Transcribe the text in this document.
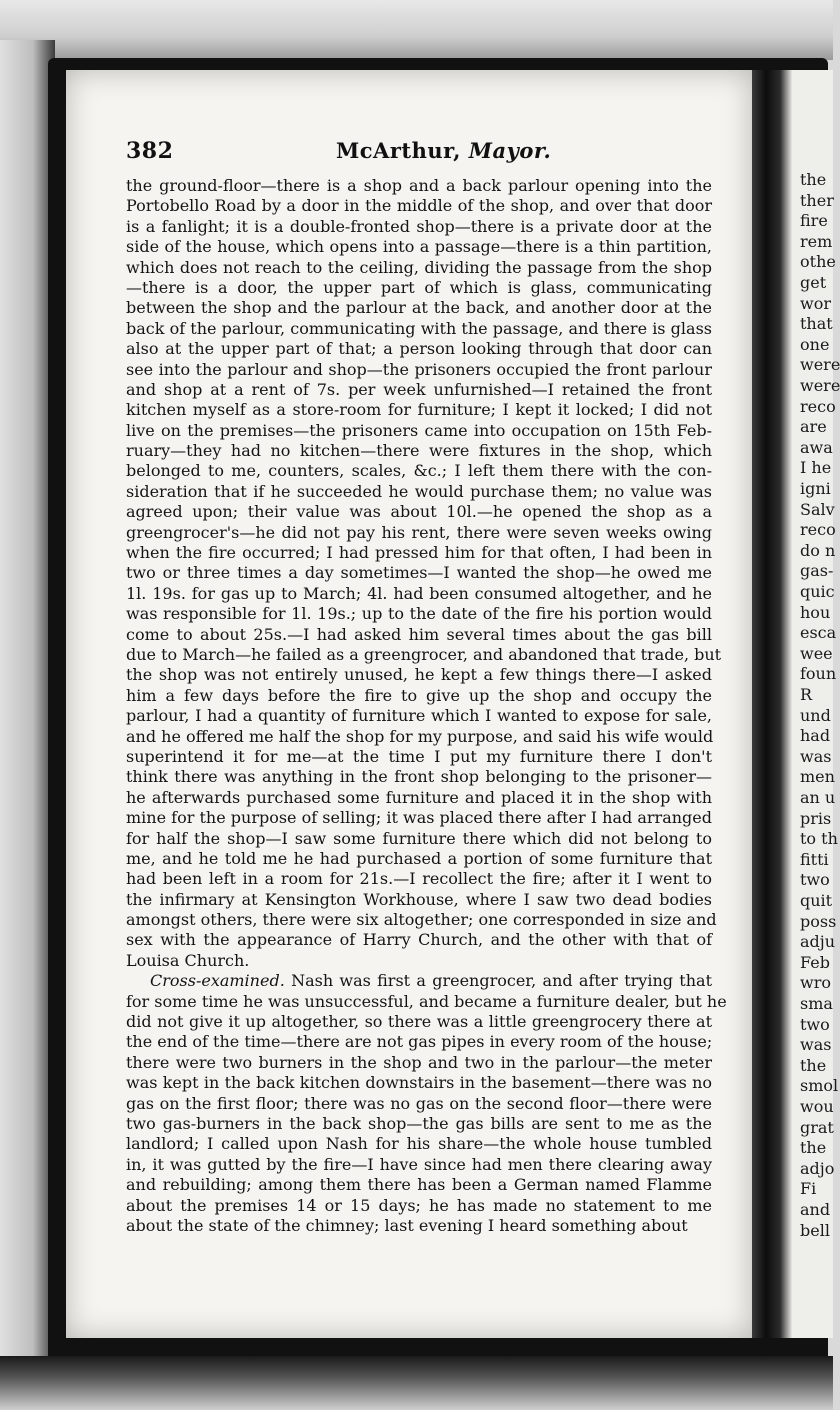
382	McArthur, Mayor.
the ground-floor—there is a shop and a back parlour opening into the
Portobello Road by a door in the middle of the shop, and over that door
is a fanlight; it is a double-fronted shop—there is a private door at the
side of the house, which opens into a passage—there is a thin partition,
which does not reach to the ceiling, dividing the passage from the shop
—there is a door, the upper part of which is glass, communicating
between the shop and the parlour at the back, and another door at the
back of the parlour, communicating with the passage, and there is glass
also at the upper part of that; a person looking through that door can
see into the parlour and shop—the prisoners occupied the front parlour
and shop at a rent of 7s. per week unfurnished—I retained the front
kitchen myself as a store-room for furniture; I kept it locked; I did not
live on the premises—the prisoners came into occupation on 15th Feb-
ruary—they had no kitchen—there were fixtures in the shop, which
belonged to me, counters, scales, &c.; I left them there with the con-
sideration that if he succeeded he would purchase them; no value was
agreed upon; their value was about 10l.—he opened the shop as a
greengrocer's—he did not pay his rent, there were seven weeks owing
when the fire occurred; I had pressed him for that often, I had been in
two or three times a day sometimes—I wanted the shop—he owed me
1l. 19s. for gas up to March; 4l. had been consumed altogether, and he
was responsible for 1l. 19s.; up to the date of the fire his portion would
come to about 25s.—I had asked him several times about the gas bill
due to March—he failed as a greengrocer, and abandoned that trade, but
the shop was not entirely unused, he kept a few things there—I asked
him a few days before the fire to give up the shop and occupy the
parlour, I had a quantity of furniture which I wanted to expose for sale,
and he offered me half the shop for my purpose, and said his wife would
superintend it for me—at the time I put my furniture there I don't
think there was anything in the front shop belonging to the prisoner—
he afterwards purchased some furniture and placed it in the shop with
mine for the purpose of selling; it was placed there after I had arranged
for half the shop—I saw some furniture there which did not belong to
me, and he told me he had purchased a portion of some furniture that
had been left in a room for 21s.—I recollect the fire; after it I went to
the infirmary at Kensington Workhouse, where I saw two dead bodies
amongst others, there were six altogether; one corresponded in size and
sex with the appearance of Harry Church, and the other with that of
Louisa Church.
Cross-examined. Nash was first a greengrocer, and after trying that
for some time he was unsuccessful, and became a furniture dealer, but he
did not give it up altogether, so there was a little greengrocery there at
the end of the time—there are not gas pipes in every room of the house;
there were two burners in the shop and two in the parlour—the meter
was kept in the back kitchen downstairs in the basement—there was no
gas on the first floor; there was no gas on the second floor—there were
two gas-burners in the back shop—the gas bills are sent to me as the
landlord; I called upon Nash for his share—the whole house tumbled
in, it was gutted by the fire—I have since had men there clearing away
and rebuilding; among them there has been a German named Flamme
about the premises 14 or 15 days; he has made no statement to me
about the state of the chimney; last evening I heard something about
the
ther
fire
rem
othe
get
wor
that
one
were
were
reco
are
awa
I he
igni
Salv
reco
do n
gas-
quic
hou
esca
wee
foun
R
und
had
was
men
an u
pris
to th
fitti
two
quit
poss
adju
Feb
wro
sma
two
was
the
smol
wou
grat
the
adjo
Fi
and
bell
